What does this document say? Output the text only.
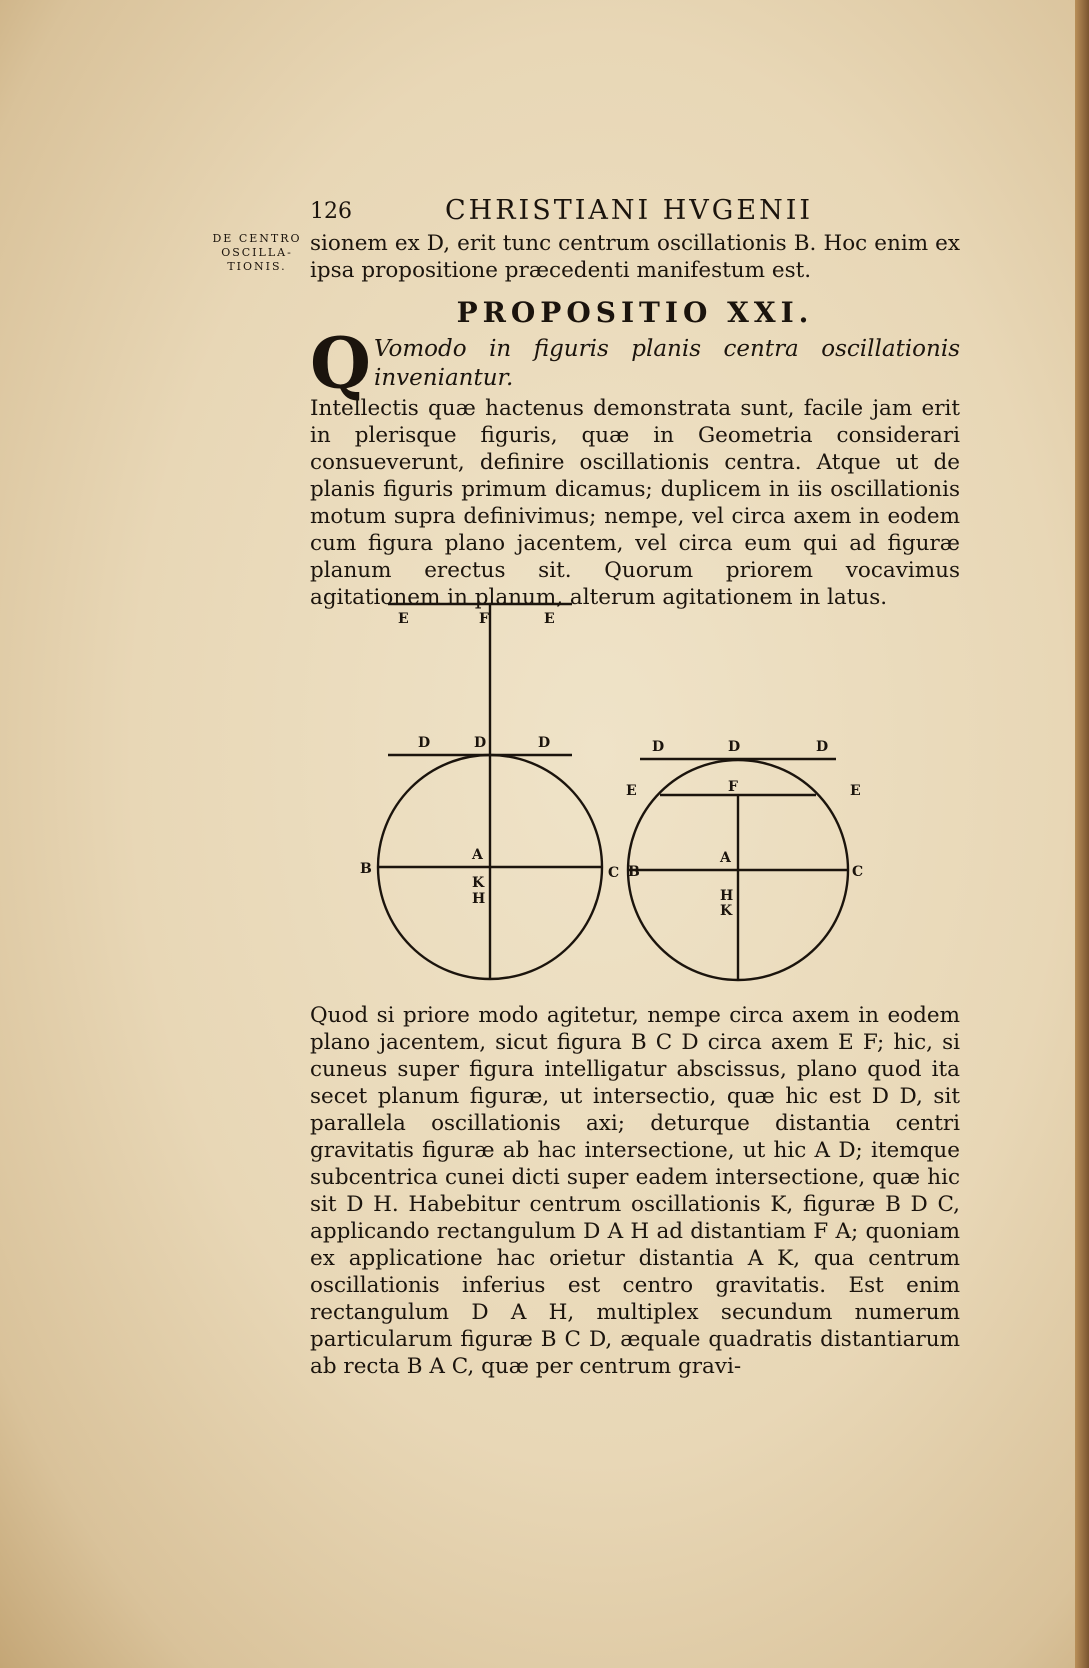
126	CHRISTIANI HVGENII
DE CENTRO
OSCILLA-
TIONIS.
sionem ex D, erit tunc centrum oscillationis B. Hoc enim ex ipsa propositione præcedenti manifestum est.
PROPOSITIO XXI.
Q Vomodo in figuris planis centra oscillationis inveniantur.
Intellectis quæ hactenus demonstrata sunt, facile jam erit in plerisque figuris, quæ in Geometria considerari consueverunt, definire oscillationis centra. Atque ut de planis figuris primum dicamus; duplicem in iis oscillationis motum supra definivimus; nempe, vel circa axem in eodem cum figura plano jacentem, vel circa eum qui ad figuræ planum erectus sit. Quorum priorem vocavimus agitationem in planum, alterum agitationem in latus.
E	F	E
D	D	D
A
B	C
K
H
D	D	D
E	F	E
A
B	C
H
K
Quod si priore modo agitetur, nempe circa axem in eodem plano jacentem, sicut figura B C D circa axem E F; hic, si cuneus super figura intelligatur abscissus, plano quod ita secet planum figuræ, ut intersectio, quæ hic est D D, sit parallela oscillationis axi; deturque distantia centri gravitatis figuræ ab hac intersectione, ut hic A D; itemque subcentrica cunei dicti super eadem intersectione, quæ hic sit D H. Habebitur centrum oscillationis K, figuræ B D C, applicando rectangulum D A H ad distantiam F A; quoniam ex applicatione hac orietur distantia A K, qua centrum oscillationis inferius est centro gravitatis. Est enim rectangulum D A H, multiplex secundum numerum particularum figuræ B C D, æquale quadratis distantiarum ab recta B A C, quæ per centrum gravi-
